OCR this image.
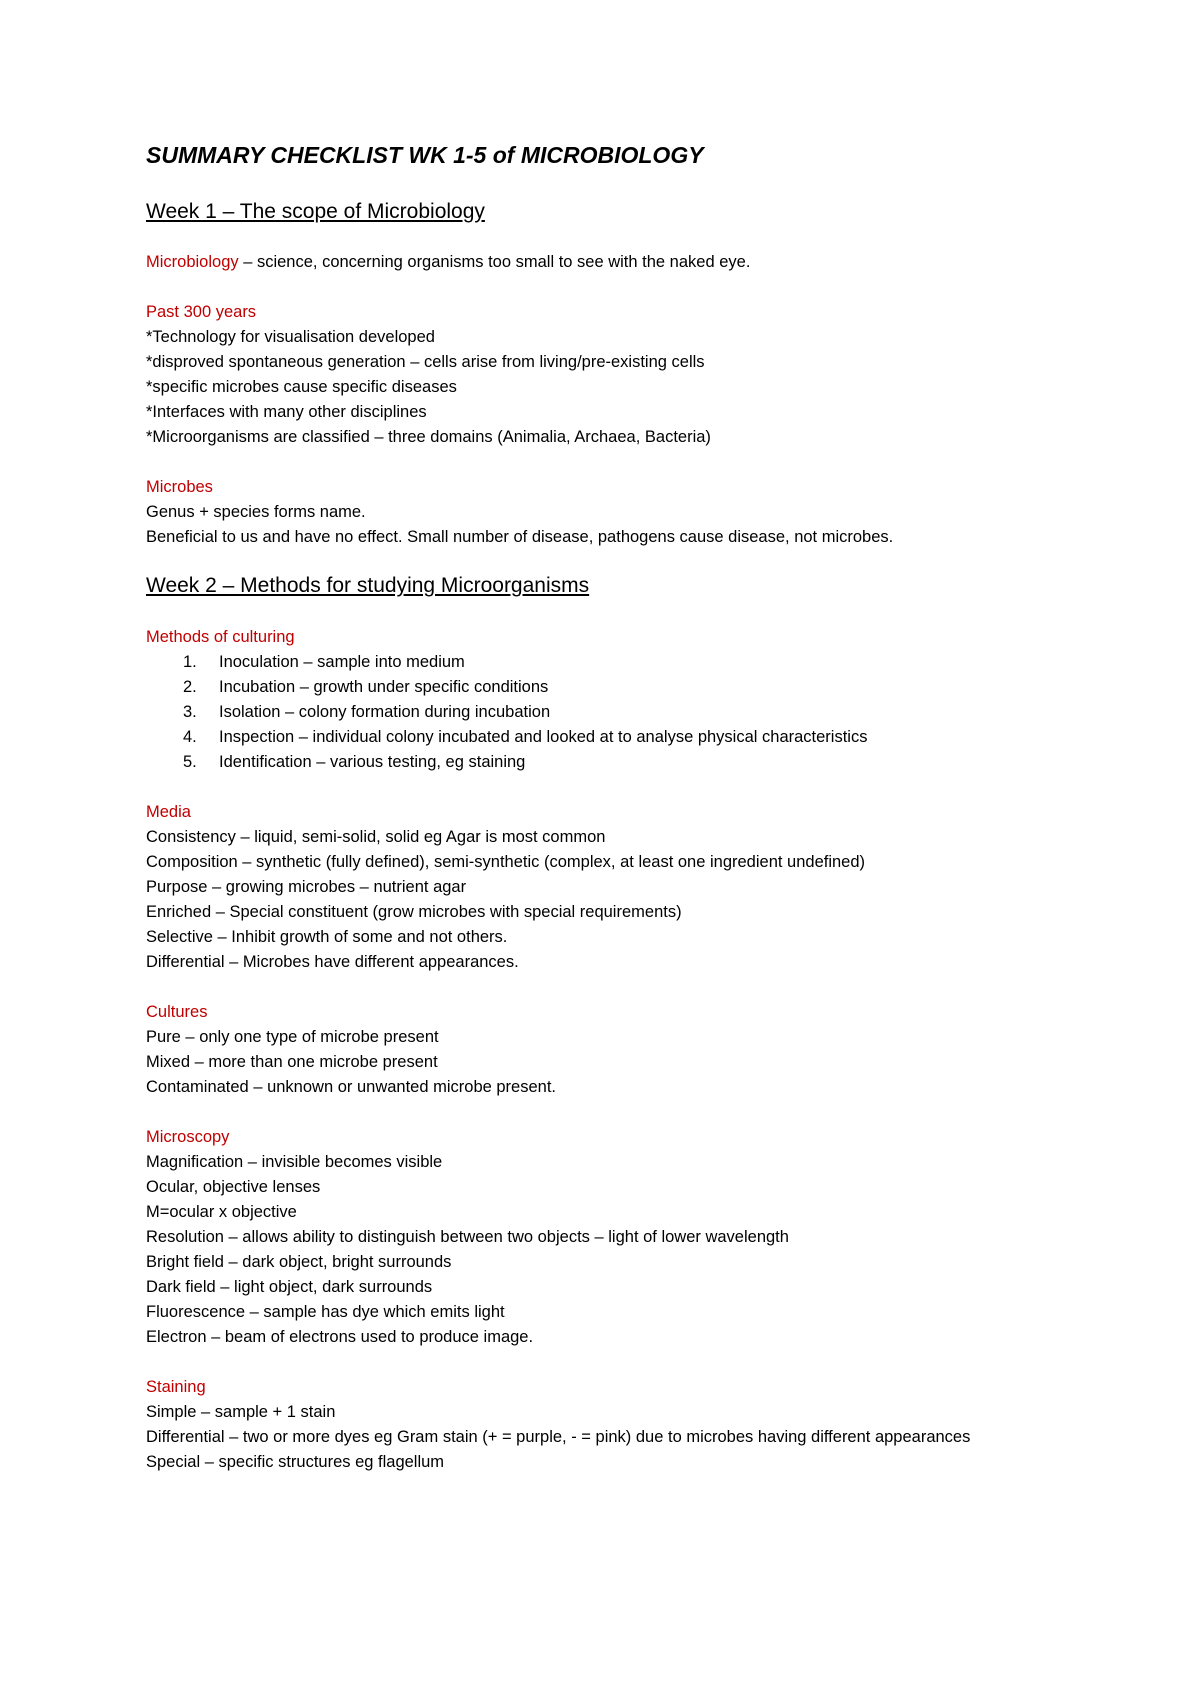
SUMMARY CHECKLIST WK 1-5 of MICROBIOLOGY

Week 1 – The scope of Microbiology

Microbiology – science, concerning organisms too small to see with the naked eye.

Past 300 years

*Technology for visualisation developed

*disproved spontaneous generation – cells arise from living/pre-existing cells

*specific microbes cause specific diseases

*Interfaces with many other disciplines

*Microorganisms are classified – three domains (Animalia, Archaea, Bacteria)

Microbes

Genus + species forms name.

Beneficial to us and have no effect. Small number of disease, pathogens cause disease, not microbes.

Week 2 – Methods for studying Microorganisms

Methods of culturing

1. Inoculation – sample into medium
2. Incubation – growth under specific conditions
3. Isolation – colony formation during incubation
4. Inspection – individual colony incubated and looked at to analyse physical characteristics
5. Identification – various testing, eg staining

Media

Consistency – liquid, semi-solid, solid eg Agar is most common

Composition – synthetic (fully defined), semi-synthetic (complex, at least one ingredient undefined)

Purpose – growing microbes – nutrient agar

Enriched – Special constituent (grow microbes with special requirements)

Selective – Inhibit growth of some and not others.

Differential – Microbes have different appearances.

Cultures

Pure – only one type of microbe present

Mixed – more than one microbe present

Contaminated – unknown or unwanted microbe present.

Microscopy

Magnification – invisible becomes visible

Ocular, objective lenses

M=ocular x objective

Resolution – allows ability to distinguish between two objects – light of lower wavelength

Bright field – dark object, bright surrounds

Dark field – light object, dark surrounds

Fluorescence – sample has dye which emits light

Electron – beam of electrons used to produce image.

Staining

Simple – sample + 1 stain

Differential – two or more dyes eg Gram stain (+ = purple, - = pink) due to microbes having different appearances

Special – specific structures eg flagellum
